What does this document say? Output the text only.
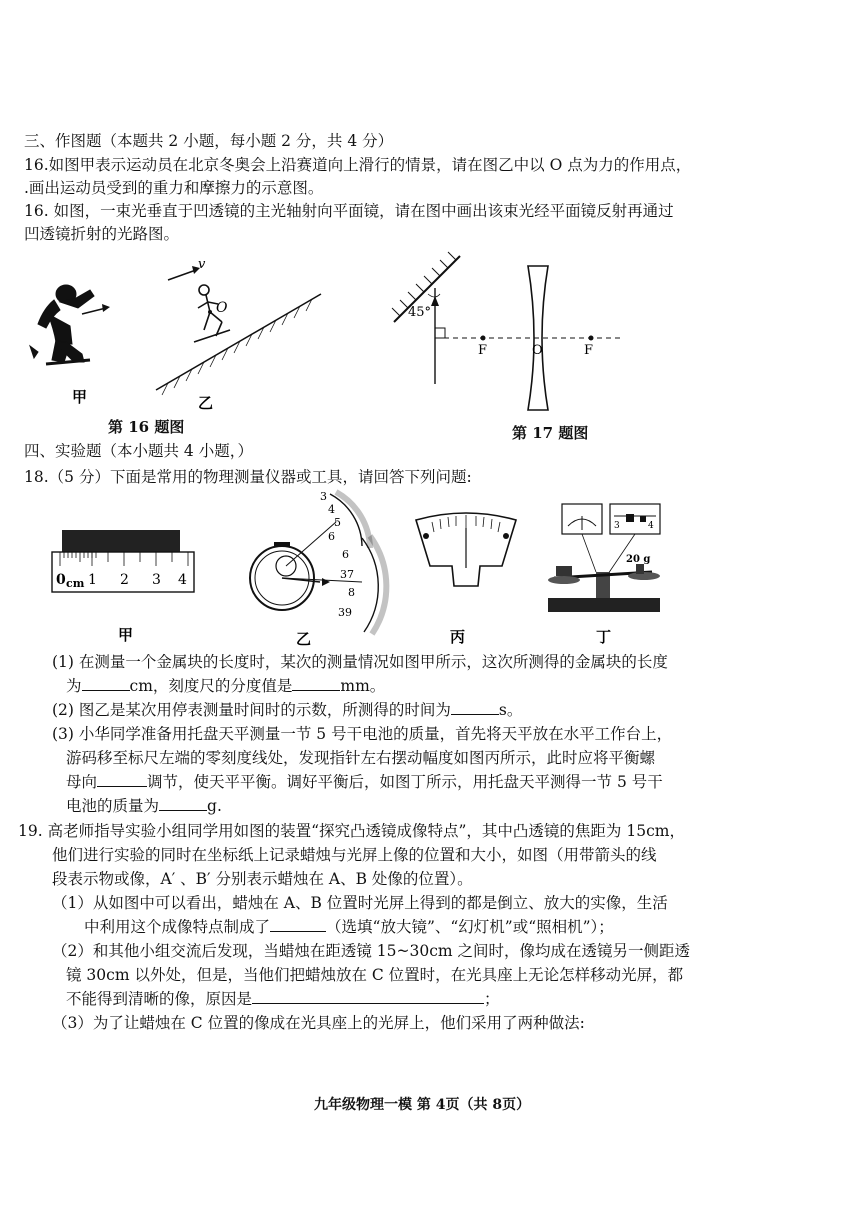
三、作图题（本题共 2 小题，每小题 2 分，共 4 分）
16.如图甲表示运动员在北京冬奥会上沿赛道向上滑行的情景，请在图乙中以 O 点为力的作用点，
.画出运动员受到的重力和摩擦力的示意图。
16. 如图，一束光垂直于凹透镜的主光轴射向平面镜，请在图中画出该束光经平面镜反射再通过
凹透镜折射的光路图。
v
O
甲	乙
第 16 题图
45°
F	O	F
第 17 题图
四、实验题（本小题共 4 小题，）
18.（5 分）下面是常用的物理测量仪器或工具，请回答下列问题:
0 cm 1 2 3 4
3
4
5
6
6
37
8
39
3	4
20 g
甲	乙	丙	丁
(1) 在测量一个金属块的长度时，某次的测量情况如图甲所示，这次所测得的金属块的长度
为	cm，刻度尺的分度值是	mm。
(2) 图乙是某次用停表测量时间时的示数，所测得的时间为	s。
(3) 小华同学准备用托盘天平测量一节 5 号干电池的质量，首先将天平放在水平工作台上，
游码移至标尺左端的零刻度线处，发现指针左右摆动幅度如图丙所示，此时应将平衡螺
母向	调节，使天平平衡。调好平衡后，如图丁所示，用托盘天平测得一节 5 号干
电池的质量为	g.
19. 高老师指导实验小组同学用如图的装置“探究凸透镜成像特点”，其中凸透镜的焦距为 15cm，
他们进行实验的同时在坐标纸上记录蜡烛与光屏上像的位置和大小，如图（用带箭头的线
段表示物或像，A′ 、B′ 分别表示蜡烛在 A、B 处像的位置）。
（1）从如图中可以看出，蜡烛在 A、B 位置时光屏上得到的都是倒立、放大的实像，生活
中利用这个成像特点制成了	（选填“放大镜”、“幻灯机”或“照相机”）；
（2）和其他小组交流后发现，当蜡烛在距透镜 15~30cm 之间时，像均成在透镜另一侧距透
镜 30cm 以外处，但是，当他们把蜡烛放在 C 位置时，在光具座上无论怎样移动光屏，都
不能得到清晰的像，原因是	；
（3）为了让蜡烛在 C 位置的像成在光具座上的光屏上，他们采用了两种做法:
九年级物理一模 第 4页（共 8页）
